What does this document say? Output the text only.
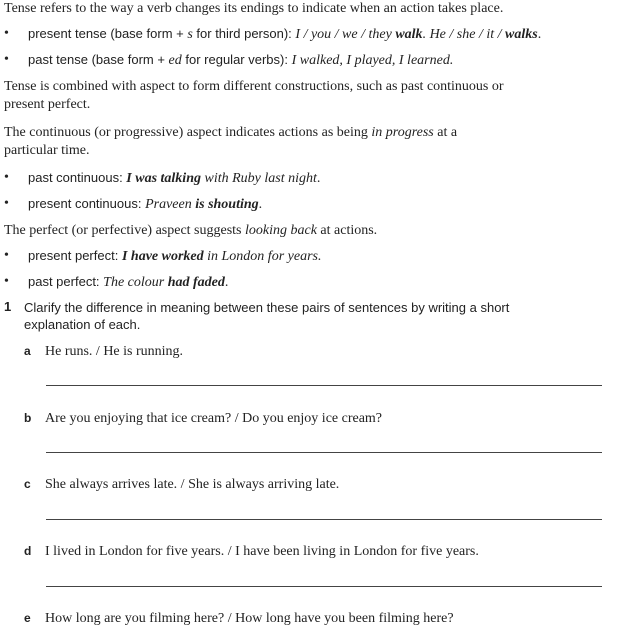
Tense refers to the way a verb changes its endings to indicate when an action takes place.
• present tense (base form + s for third person): I / you / we / they walk. He / she / it / walks.
• past tense (base form + ed for regular verbs): I walked, I played, I learned.
Tense is combined with aspect to form different constructions, such as past continuous or
present perfect.
The continuous (or progressive) aspect indicates actions as being in progress at a
particular time.
• past continuous: I was talking with Ruby last night.
• present continuous: Praveen is shouting.
The perfect (or perfective) aspect suggests looking back at actions.
• present perfect: I have worked in London for years.
• past perfect: The colour had faded.
1 Clarify the difference in meaning between these pairs of sentences by writing a short
explanation of each.
a He runs. / He is running.
b Are you enjoying that ice cream? / Do you enjoy ice cream?
c She always arrives late. / She is always arriving late.
d I lived in London for five years. / I have been living in London for five years.
e How long are you filming here? / How long have you been filming here?
